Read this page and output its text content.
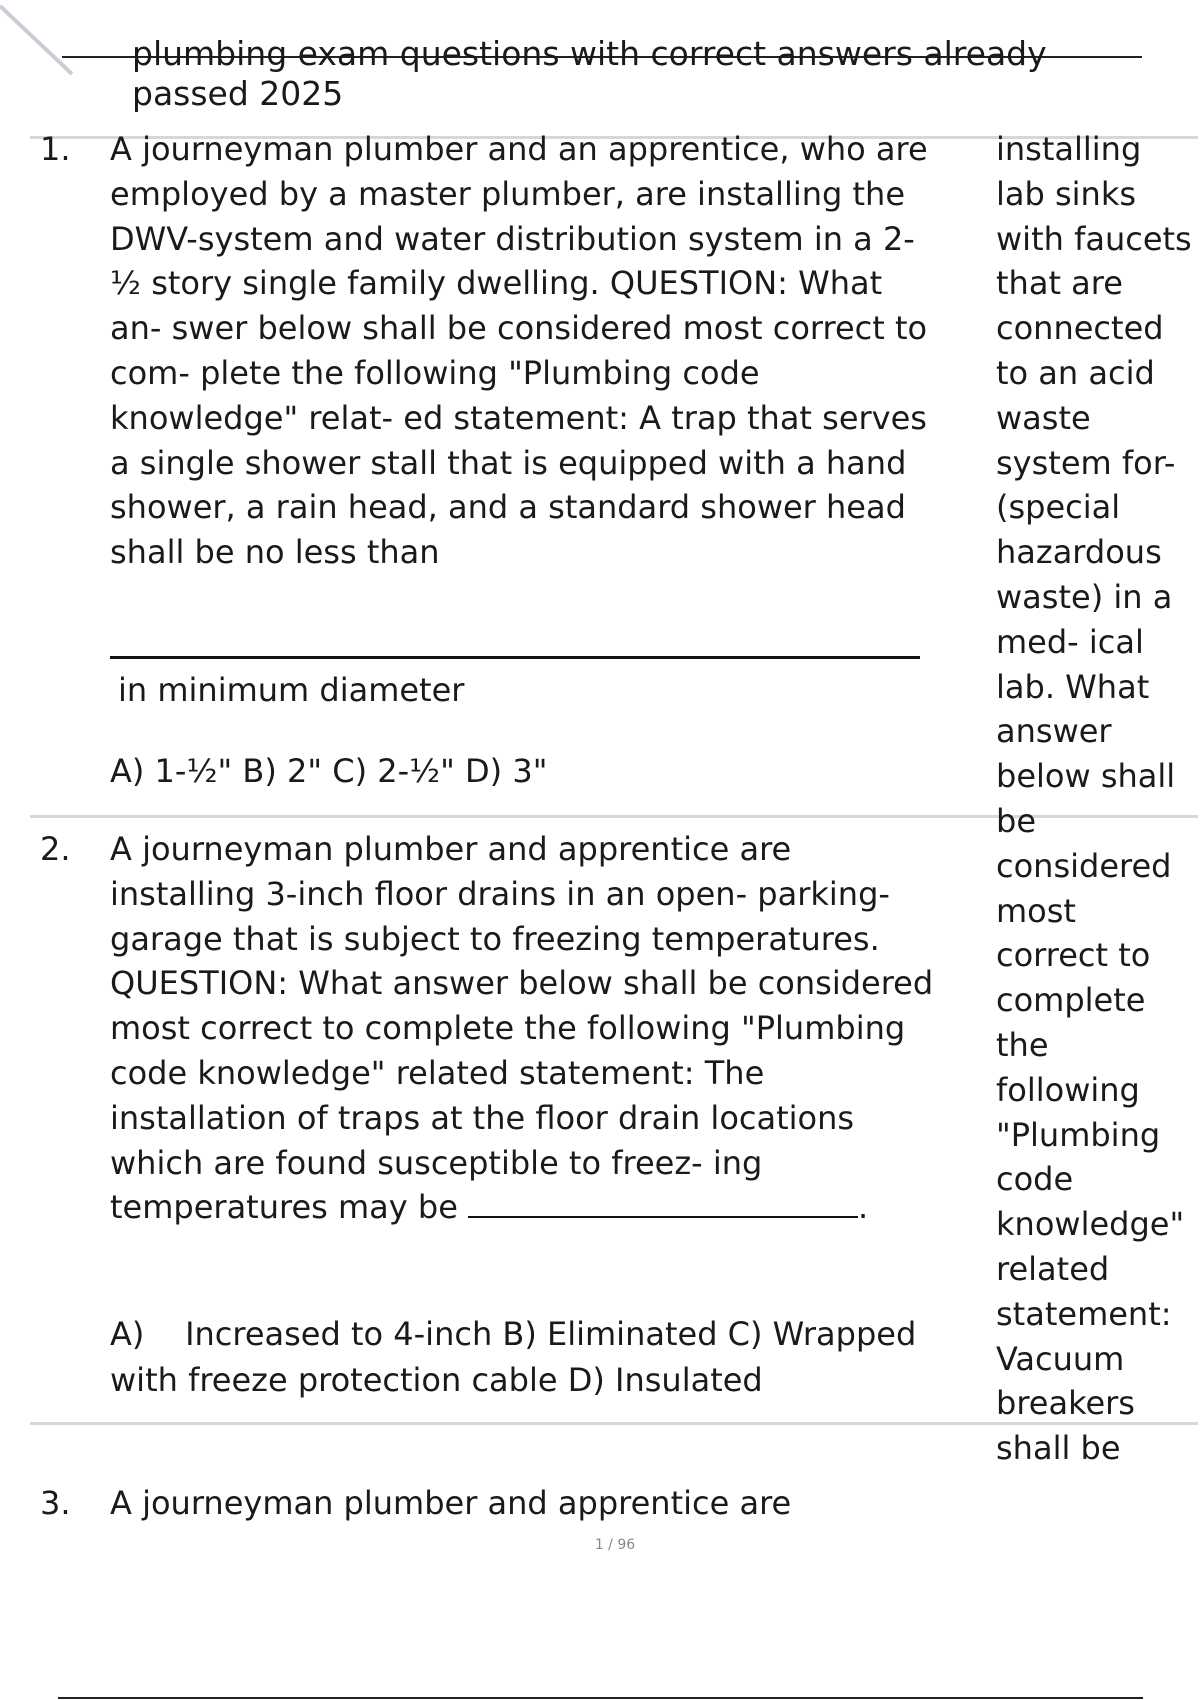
plumbing exam questions with correct answers already passed 2025
1. A journeyman plumber and an apprentice, who are employed by a master plumber, are installing the DWV-system and water distribution system in a 2-½ story single family dwelling. QUESTION: What an- swer below shall be considered most correct to com- plete the following "Plumbing code knowledge" relat- ed statement: A trap that serves a single shower stall that is equipped with a hand shower, a rain head, and a standard shower head shall be no less than
in minimum diameter
A) 1-½" B) 2" C) 2-½" D) 3"
2. A journeyman plumber and apprentice are installing 3-inch floor drains in an open- parking-garage that is subject to freezing temperatures. QUESTION: What answer below shall be considered most correct to complete the following "Plumbing code knowledge" related statement: The installation of traps at the floor drain locations which are found susceptible to freez- ing temperatures may be	.
A)    Increased to 4-inch B) Eliminated C) Wrapped with freeze protection cable D) Insulated
3. A journeyman plumber and apprentice are
installing lab sinks with faucets that are connected to an acid waste system for- (special hazardous waste) in a med- ical lab. What answer below shall be considered most correct to complete the following "Plumbing code knowledge" related statement: Vacuum breakers shall be
1 / 96
